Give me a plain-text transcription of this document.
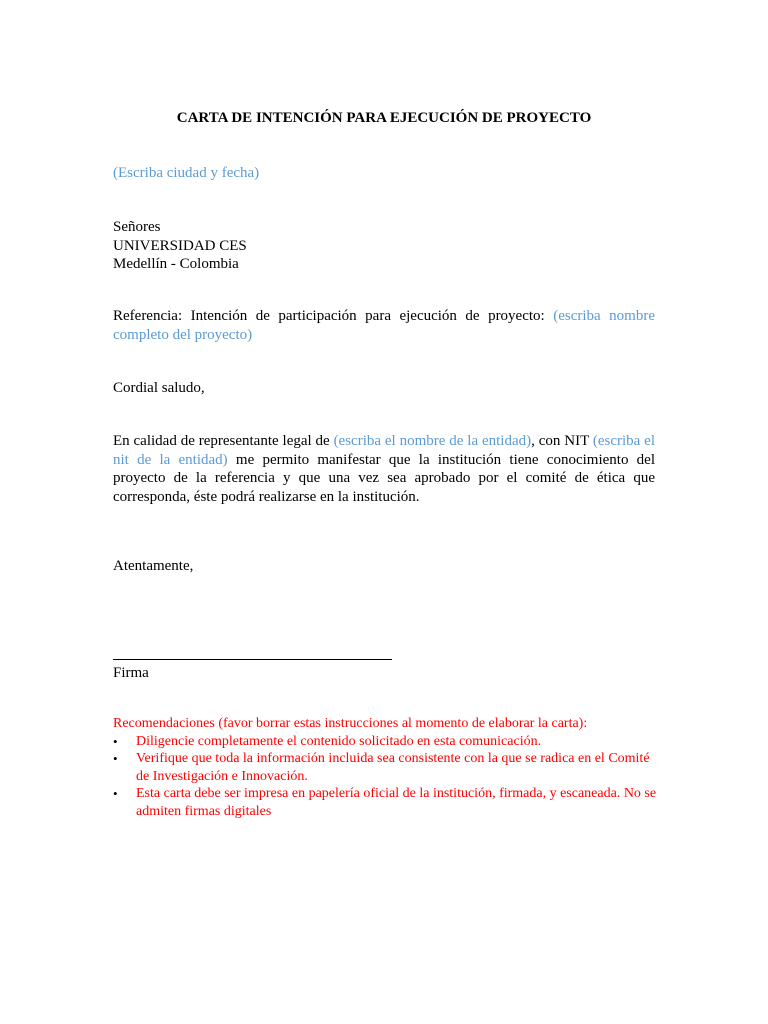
CARTA DE INTENCIÓN PARA EJECUCIÓN DE PROYECTO
(Escriba ciudad y fecha)
Señores
UNIVERSIDAD CES
Medellín - Colombia
Referencia: Intención de participación para ejecución de proyecto: (escriba nombre completo del proyecto)
Cordial saludo,
En calidad de representante legal de (escriba el nombre de la entidad), con NIT (escriba el nit de la entidad) me permito manifestar que la institución tiene conocimiento del proyecto de la referencia y que una vez sea aprobado por el comité de ética que corresponda, éste podrá realizarse en la institución.
Atentamente,
Firma
Recomendaciones (favor borrar estas instrucciones al momento de elaborar la carta):
• Diligencie completamente el contenido solicitado en esta comunicación.
• Verifique que toda la información incluida sea consistente con la que se radica en el Comité de Investigación e Innovación.
• Esta carta debe ser impresa en papelería oficial de la institución, firmada, y escaneada. No se admiten firmas digitales
